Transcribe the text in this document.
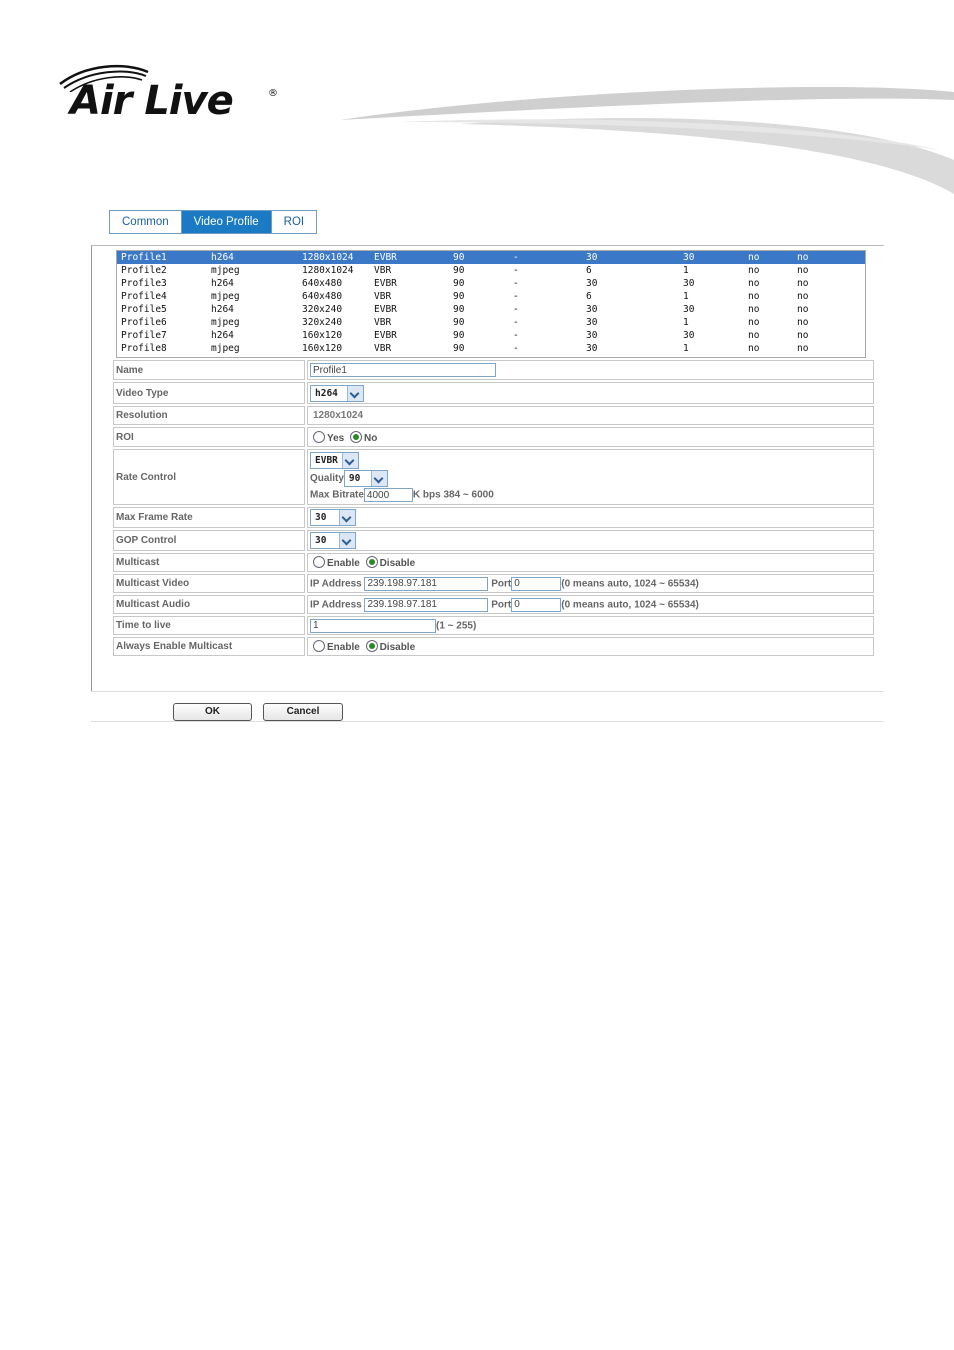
Air Live	®
Common	Video Profile	ROI
Profile1	h264	1280x1024 EVBR	90	-	30	30	no	no
Profile2	mjpeg	1280x1024 VBR	90	-	6	1	no	no
Profile3	h264	640x480	EVBR	90	-	30	30	no	no
Profile4	mjpeg	640x480	VBR	90	-	6	1	no	no
Profile5	h264	320x240	EVBR	90	-	30	30	no	no
Profile6	mjpeg	320x240	VBR	90	-	30	1	no	no
Profile7	h264	160x120	EVBR	90	-	30	30	no	no
Profile8	mjpeg	160x120	VBR	90	-	30	1	no	no
Name	Profile1
Video Type	h264

Resolution	1280x1024
ROI	Yes No
Rate Control	EVBR
Quality 90
Max Bitrate4000 K bps 384 ~ 6000

Max Frame Rate	30

GOP Control	30

Multicast	Enable Disable
Multicast Video	IP Address 239.198.97.181 Port0 (0 means auto, 1024 ~ 65534)
Multicast Audio	IP Address 239.198.97.181 Port0 (0 means auto, 1024 ~ 65534)
Time to live	1(1 ~ 255)
Always Enable Multicast	Enable Disable
OK	Cancel
